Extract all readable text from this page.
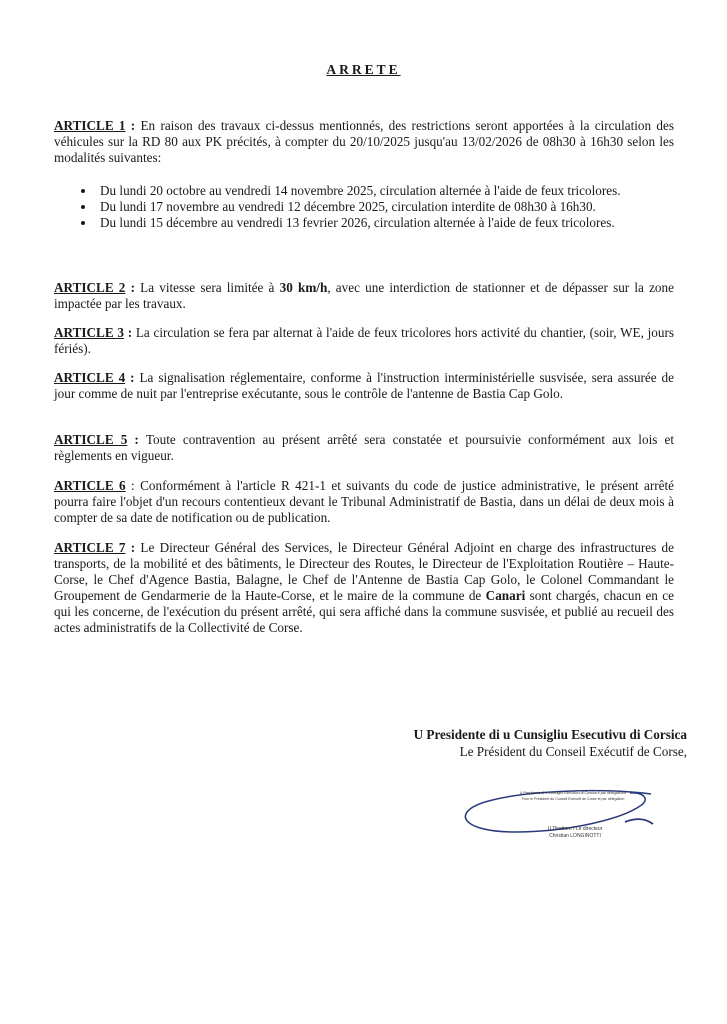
ARRETE
ARTICLE 1 : En raison des travaux ci-dessus mentionnés, des restrictions seront apportées à la circulation des véhicules sur la RD 80 aux PK précités, à compter du 20/10/2025 jusqu'au 13/02/2026 de 08h30 à 16h30 selon les modalités suivantes:
• Du lundi 20 octobre au vendredi 14 novembre 2025, circulation alternée à l'aide de feux tricolores.
• Du lundi 17 novembre au vendredi 12 décembre 2025, circulation interdite de 08h30 à 16h30.
• Du lundi 15 décembre au vendredi 13 fevrier 2026, circulation alternée à l'aide de feux tricolores.
ARTICLE 2 : La vitesse sera limitée à 30 km/h, avec une interdiction de stationner et de dépasser sur la zone impactée par les travaux.
ARTICLE 3 : La circulation se fera par alternat à l'aide de feux tricolores hors activité du chantier, (soir, WE, jours fériés).
ARTICLE 4 : La signalisation réglementaire, conforme à l'instruction interministérielle susvisée, sera assurée de jour comme de nuit par l'entreprise exécutante, sous le contrôle de l'antenne de Bastia Cap Golo.
ARTICLE 5 : Toute contravention au présent arrêté sera constatée et poursuivie conformément aux lois et règlements en vigueur.
ARTICLE 6 : Conformément à l'article R 421-1 et suivants du code de justice administrative, le présent arrêté pourra faire l'objet d'un recours contentieux devant le Tribunal Administratif de Bastia, dans un délai de deux mois à compter de sa date de notification ou de publication.
ARTICLE 7 : Le Directeur Général des Services, le Directeur Général Adjoint en charge des infrastructures de transports, de la mobilité et des bâtiments, le Directeur des Routes, le Directeur de l'Exploitation Routière – Haute-Corse, le Chef d'Agence Bastia, Balagne, le Chef de l'Antenne de Bastia Cap Golo, le Colonel Commandant le Groupement de Gendarmerie de la Haute-Corse, et le maire de la commune de Canari sont chargés, chacun en ce qui les concerne, de l'exécution du présent arrêté, qui sera affiché dans la commune susvisée, et publié au recueil des actes administratifs de la Collectivité de Corse.
U Presidente di u Cunsigliu Esecutivu di Corsica
Le Président du Conseil Exécutif de Corse,
U Presidente di u Cunsigliu Esecutivu di Corsica è par delegazione
Pour le Président du Conseil Exécutif de Corse et par délégation
U Direttore / Le directeur
Christian LONGINOTTI
